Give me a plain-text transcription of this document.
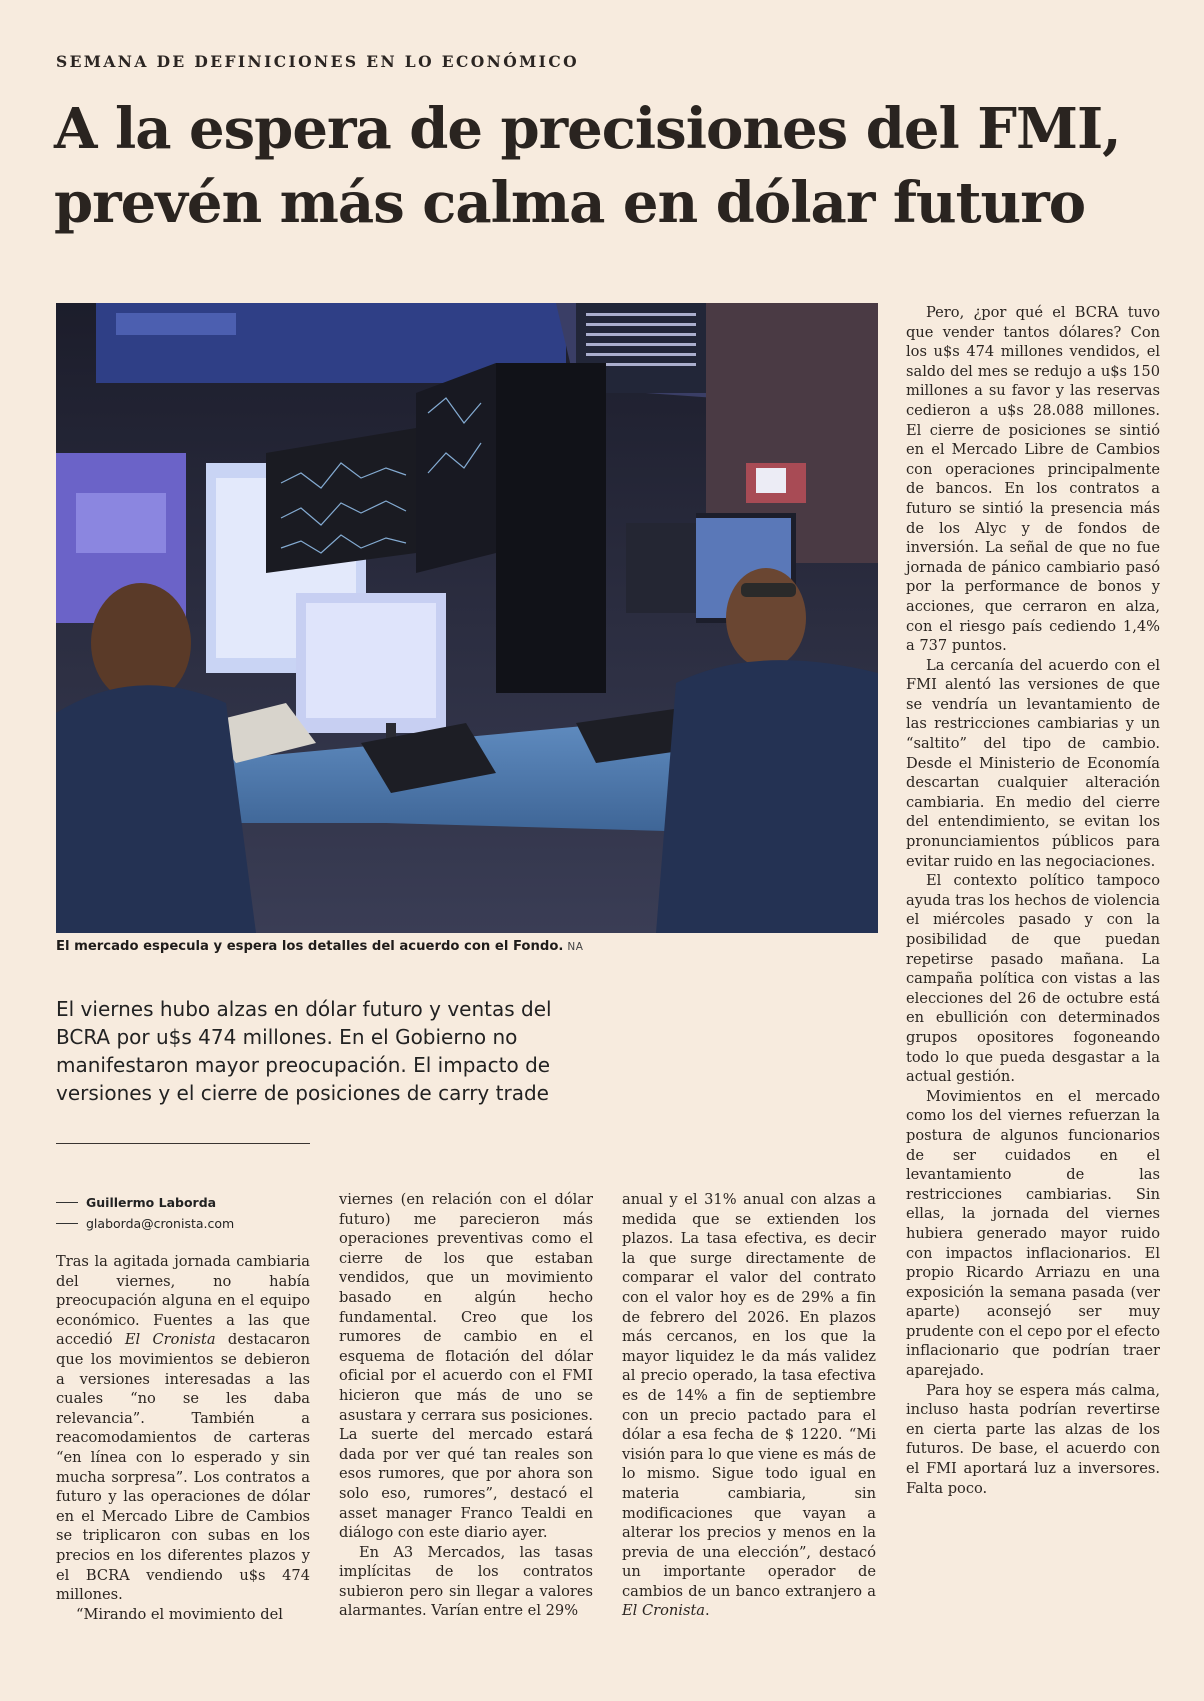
SEMANA DE DEFINICIONES EN LO ECONÓMICO
A la espera de precisiones del FMI, prevén más calma en dólar futuro
El mercado especula y espera los detalles del acuerdo con el Fondo. NA

El viernes hubo alzas en dólar futuro y ventas del BCRA por u$s 474 millones. En el Gobierno no manifestaron mayor preocupación. El impacto de versiones y el cierre de posiciones de carry trade

Guillermo Laborda
glaborda@cronista.com

Tras la agitada jornada cambiaria del viernes, no había preocupación alguna en el equipo económico. Fuentes a las que accedió El Cronista destacaron que los movimientos se debieron a versiones interesadas a las cuales “no se les daba relevancia”. También a reacomodamientos de carteras “en línea con lo esperado y sin mucha sorpresa”. Los contratos a futuro y las operaciones de dólar en el Mercado Libre de Cambios se triplicaron con subas en los precios en los diferentes plazos y el BCRA vendiendo u$s 474 millones.

“Mirando el movimiento del

viernes (en relación con el dólar futuro) me parecieron más operaciones preventivas como el cierre de los que estaban vendidos, que un movimiento basado en algún hecho fundamental. Creo que los rumores de cambio en el esquema de flotación del dólar oficial por el acuerdo con el FMI hicieron que más de uno se asustara y cerrara sus posiciones. La suerte del mercado estará dada por ver qué tan reales son esos rumores, que por ahora son solo eso, rumores”, destacó el asset manager Franco Tealdi en diálogo con este diario ayer.

En A3 Mercados, las tasas implícitas de los contratos subieron pero sin llegar a valores alarmantes. Varían entre el 29%

anual y el 31% anual con alzas a medida que se extienden los plazos. La tasa efectiva, es decir la que surge directamente de comparar el valor del contrato con el valor hoy es de 29% a fin de febrero del 2026. En plazos más cercanos, en los que la mayor liquidez le da más validez al precio operado, la tasa efectiva es de 14% a fin de septiembre con un precio pactado para el dólar a esa fecha de $ 1220. “Mi visión para lo que viene es más de lo mismo. Sigue todo igual en materia cambiaria, sin modificaciones que vayan a alterar los precios y menos en la previa de una elección”, destacó un importante operador de cambios de un banco extranjero a El Cronista.

Pero, ¿por qué el BCRA tuvo que vender tantos dólares? Con los u$s 474 millones vendidos, el saldo del mes se redujo a u$s 150 millones a su favor y las reservas cedieron a u$s 28.088 millones. El cierre de posiciones se sintió en el Mercado Libre de Cambios con operaciones principalmente de bancos. En los contratos a futuro se sintió la presencia más de los Alyc y de fondos de inversión. La señal de que no fue jornada de pánico cambiario pasó por la performance de bonos y acciones, que cerraron en alza, con el riesgo país cediendo 1,4% a 737 puntos.

La cercanía del acuerdo con el FMI alentó las versiones de que se vendría un levantamiento de las restricciones cambiarias y un “saltito” del tipo de cambio. Desde el Ministerio de Economía descartan cualquier alteración cambiaria. En medio del cierre del entendimiento, se evitan los pronunciamientos públicos para evitar ruido en las negociaciones.

El contexto político tampoco ayuda tras los hechos de violencia el miércoles pasado y con la posibilidad de que puedan repetirse pasado mañana. La campaña política con vistas a las elecciones del 26 de octubre está en ebullición con determinados grupos opositores fogoneando todo lo que pueda desgastar a la actual gestión.

Movimientos en el mercado como los del viernes refuerzan la postura de algunos funcionarios de ser cuidados en el levantamiento de las restricciones cambiarias. Sin ellas, la jornada del viernes hubiera generado mayor ruido con impactos inflacionarios. El propio Ricardo Arriazu en una exposición la semana pasada (ver aparte) aconsejó ser muy prudente con el cepo por el efecto inflacionario que podrían traer aparejado.

Para hoy se espera más calma, incluso hasta podrían revertirse en cierta parte las alzas de los futuros. De base, el acuerdo con el FMI aportará luz a inversores. Falta poco.
